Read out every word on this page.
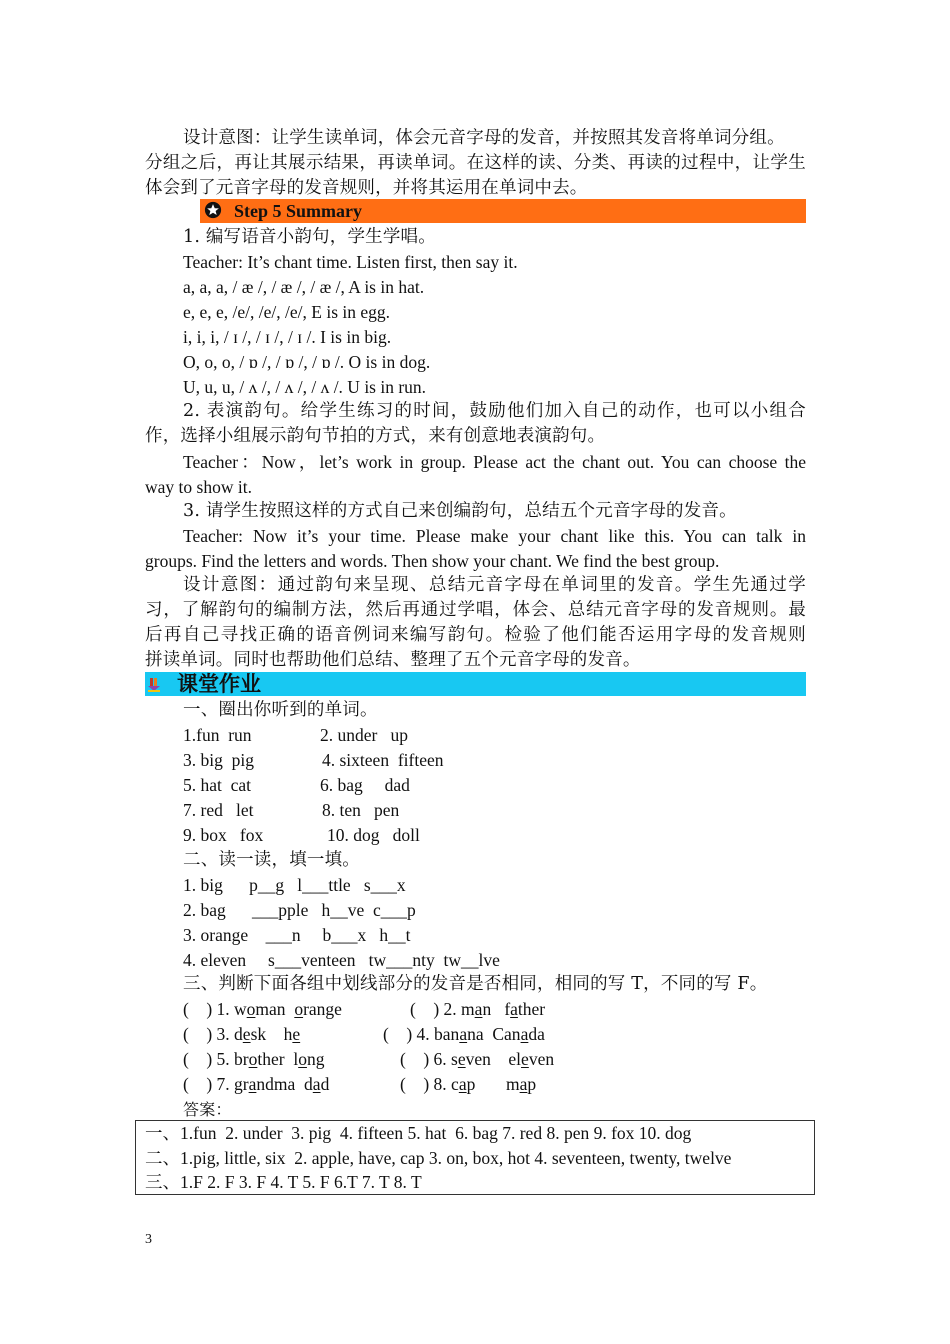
设计意图：让学生读单词，体会元音字母的发音，并按照其发音将单词分组。
分组之后，再让其展示结果，再读单词。在这样的读、分类、再读的过程中，让学生
体会到了元音字母的发音规则，并将其运用在单词中去。
Step 5 Summary
1. 编写语音小韵句，学生学唱。
Teacher: It’s chant time. Listen first, then say it.
a, a, a, / æ /, / æ /, / æ /, A is in hat.
e, e, e, /e/, /e/, /e/, E is in egg.
i, i, i, / ɪ /, / ɪ /, / ɪ /. I is in big.
O, o, o, / ɒ /, / ɒ /, / ɒ /. O is in dog.
U, u, u, / ʌ /, / ʌ /, / ʌ /. U is in run.
2. 表演韵句。给学生练习的时间，鼓励他们加入自己的动作，也可以小组合
作，选择小组展示韵句节拍的方式，来有创意地表演韵句。
Teacher：Now，let’s work in group. Please act the chant out. You can choose the
way to show it.
3. 请学生按照这样的方式自己来创编韵句，总结五个元音字母的发音。
Teacher: Now it’s your time. Please make your chant like this. You can talk in
groups. Find the letters and words. Then show your chant. We find the best group.
设计意图：通过韵句来呈现、总结元音字母在单词里的发音。学生先通过学
习，了解韵句的编制方法，然后再通过学唱，体会、总结元音字母的发音规则。最
后再自己寻找正确的语音例词来编写韵句。检验了他们能否运用字母的发音规则
拼读单词。同时也帮助他们总结、整理了五个元音字母的发音。
课堂作业
一、圈出你听到的单词。
1.fun  run	2. under   up
3. big  pig	4. sixteen  fifteen
5. hat  cat	6. bag     dad
7. red   let	8. ten   pen
9. box   fox	10. dog   doll
二、读一读，填一填。
1. big      p__g   l___ttle   s___x
2. bag      ___pple   h__ve  c___p
3. orange    ___n     b___x   h__t
4. eleven     s___venteen   tw___nty  tw__lve
三、判断下面各组中划线部分的发音是否相同，相同的写 T，不同的写 F。
(    ) 1. woman  orange	(    ) 2. man   father
(    ) 3. desk    he	(    ) 4. banana  Canada
(    ) 5. brother  long	(    ) 6. seven    eleven
(    ) 7. grandma  dad	(    ) 8. cap       map
答案：
一、1.fun  2. under  3. pig  4. fifteen 5. hat  6. bag 7. red 8. pen 9. fox 10. dog
二、1.pig, little, six  2. apple, have, cap 3. on, box, hot 4. seventeen, twenty, twelve
三、1.F 2. F 3. F 4. T 5. F 6.T 7. T 8. T
3
